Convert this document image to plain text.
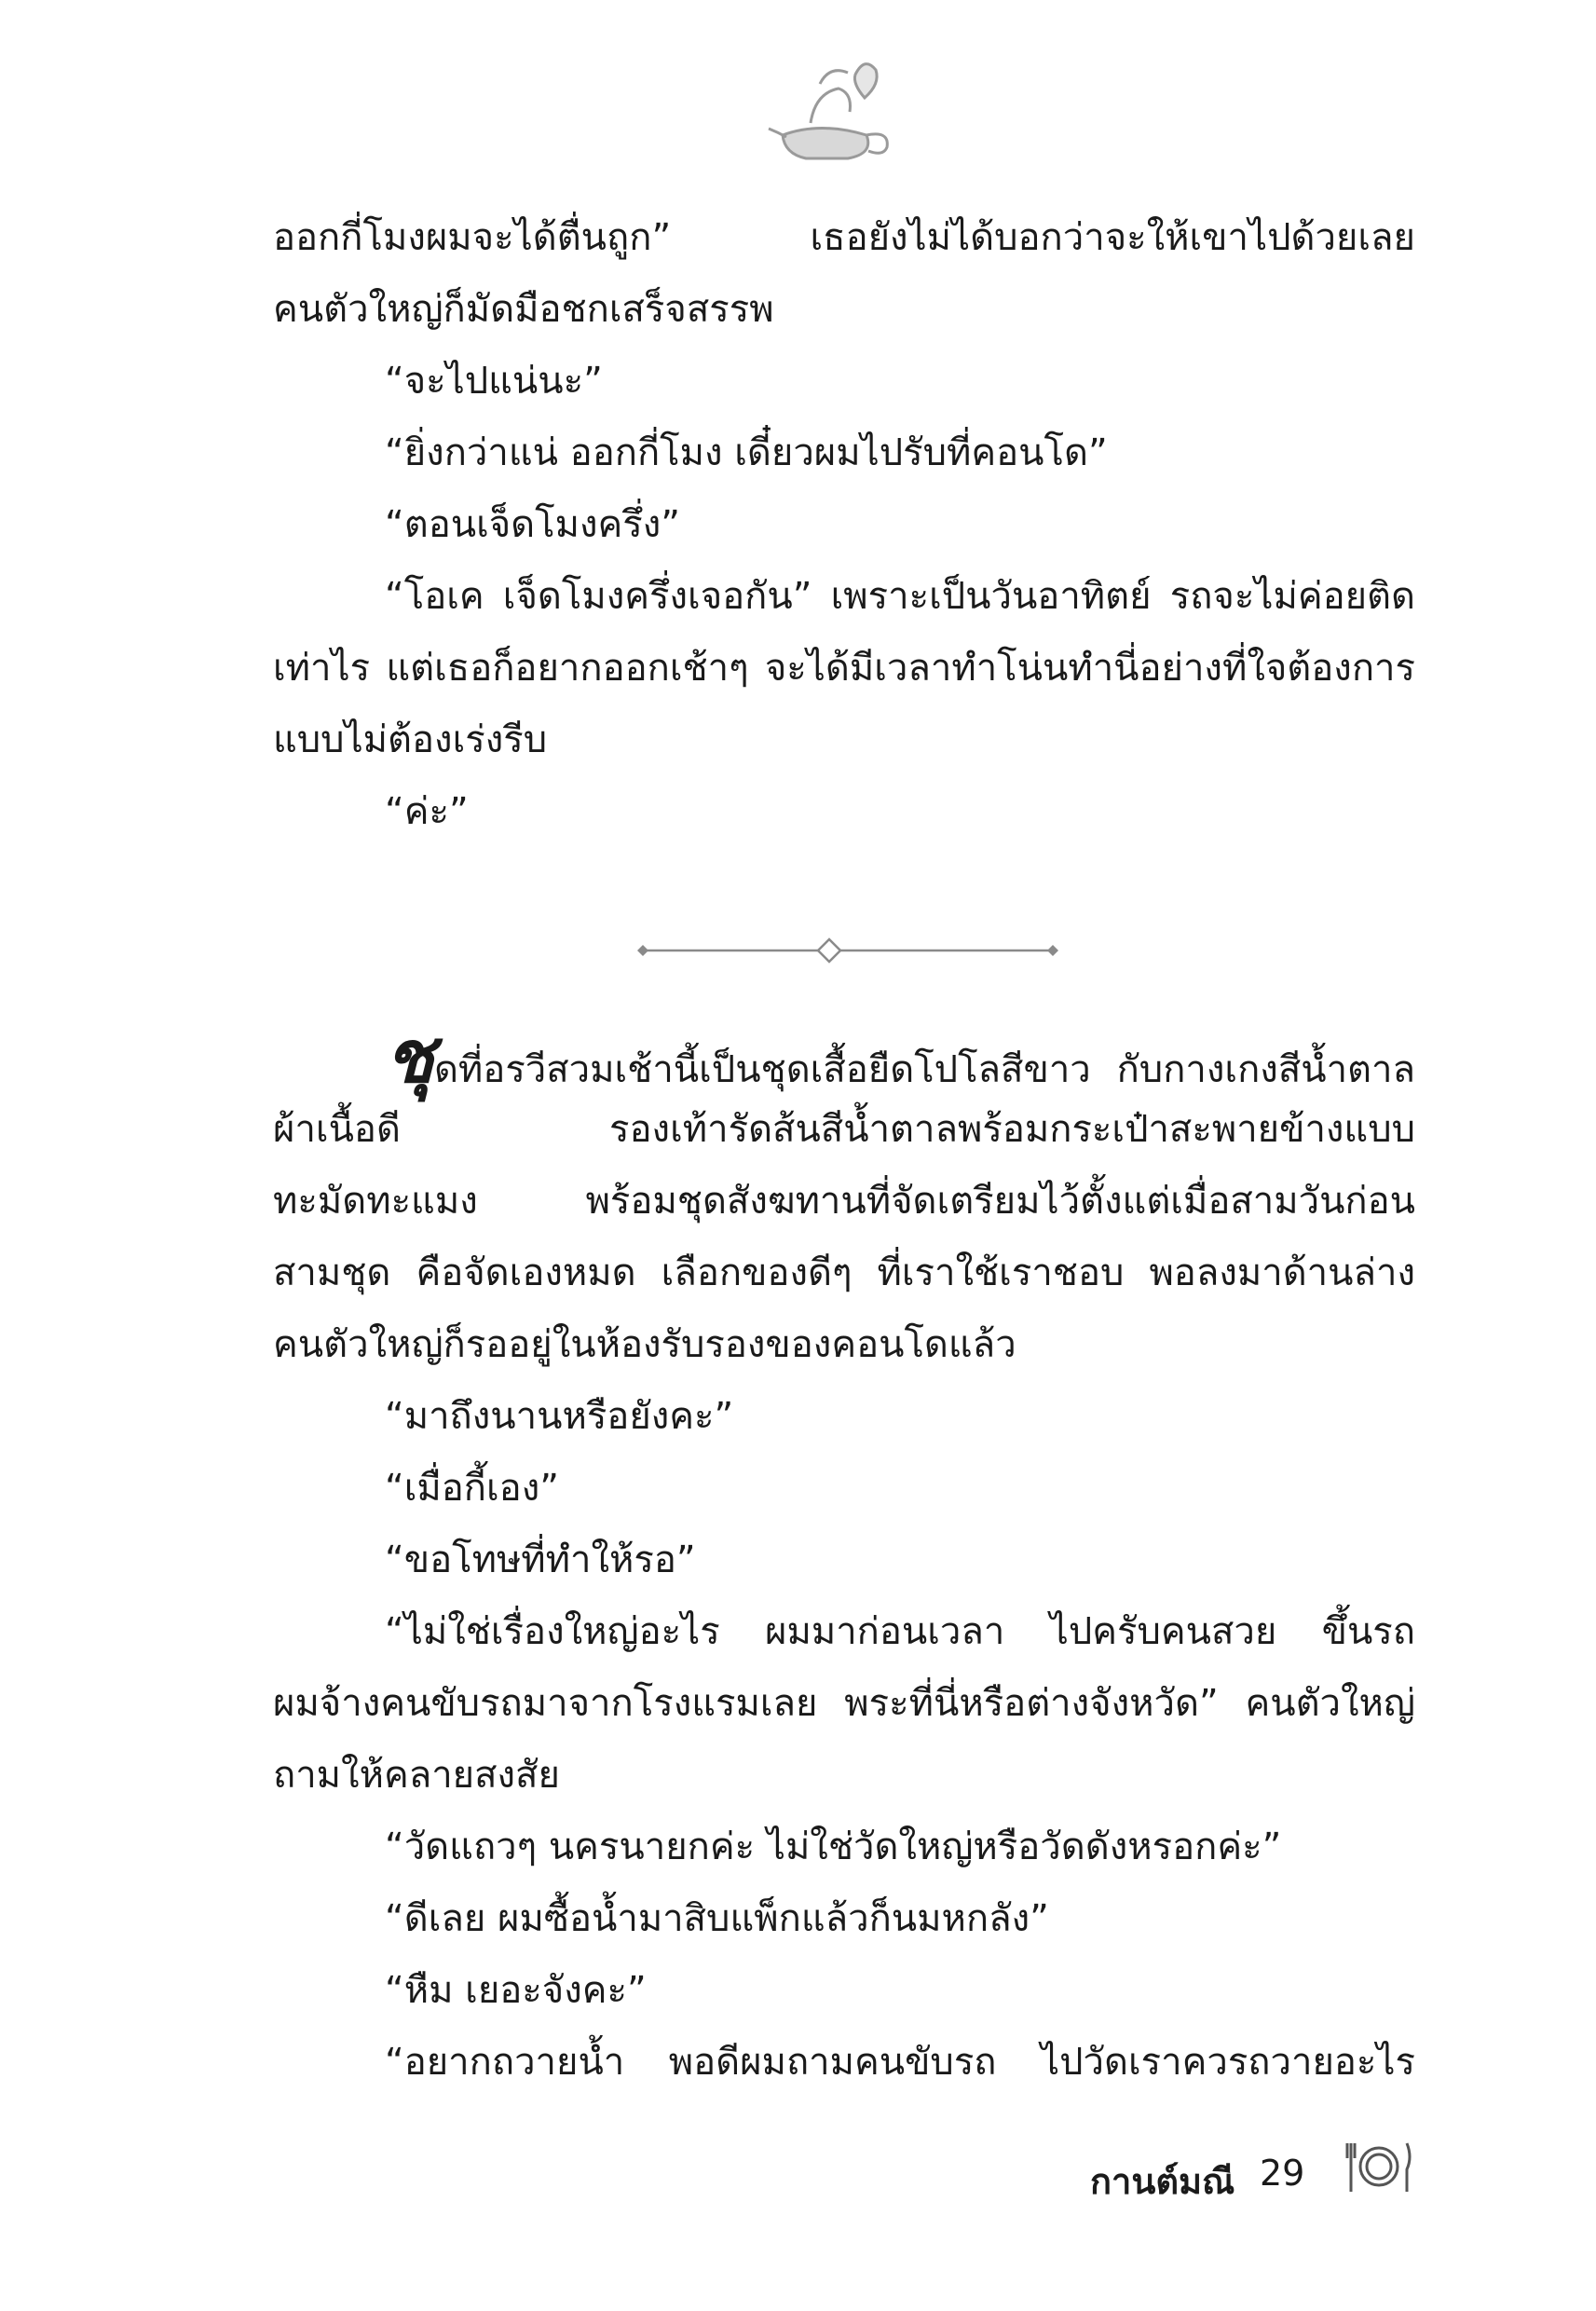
ออกกี่โมงผมจะได้ตื่นถูก” เธอยังไม่ได้บอกว่าจะให้เขาไปด้วยเลย
คนตัวใหญ่ก็มัดมือชกเสร็จสรรพ
“จะไปแน่นะ”
“ยิ่งกว่าแน่ ออกกี่โมง เดี๋ยวผมไปรับที่คอนโด”
“ตอนเจ็ดโมงครึ่ง”
“โอเค เจ็ดโมงครึ่งเจอกัน” เพราะเป็นวันอาทิตย์ รถจะไม่ค่อยติด
เท่าไร แต่เธอก็อยากออกเช้าๆ จะได้มีเวลาทำโน่นทำนี่อย่างที่ใจต้องการ
แบบไม่ต้องเร่งรีบ
“ค่ะ”
ชุดที่อรวีสวมเช้านี้เป็นชุดเสื้อยืดโปโลสีขาว กับกางเกงสีน้ำตาล
ผ้าเนื้อดี รองเท้ารัดส้นสีน้ำตาลพร้อมกระเป๋าสะพายข้างแบบ
ทะมัดทะแมง พร้อมชุดสังฆทานที่จัดเตรียมไว้ตั้งแต่เมื่อสามวันก่อน
สามชุด คือจัดเองหมด เลือกของดีๆ ที่เราใช้เราชอบ พอลงมาด้านล่าง
คนตัวใหญ่ก็รออยู่ในห้องรับรองของคอนโดแล้ว
“มาถึงนานหรือยังคะ”
“เมื่อกี้เอง”
“ขอโทษที่ทำให้รอ”
“ไม่ใช่เรื่องใหญ่อะไร ผมมาก่อนเวลา ไปครับคนสวย ขึ้นรถ
ผมจ้างคนขับรถมาจากโรงแรมเลย พระที่นี่หรือต่างจังหวัด” คนตัวใหญ่
ถามให้คลายสงสัย
“วัดแถวๆ นครนายกค่ะ ไม่ใช่วัดใหญ่หรือวัดดังหรอกค่ะ”
“ดีเลย ผมซื้อน้ำมาสิบแพ็กแล้วก็นมหกลัง”
“หืม เยอะจังคะ”
“อยากถวายน้ำ พอดีผมถามคนขับรถ ไปวัดเราควรถวายอะไร
กานต์มณี 29
